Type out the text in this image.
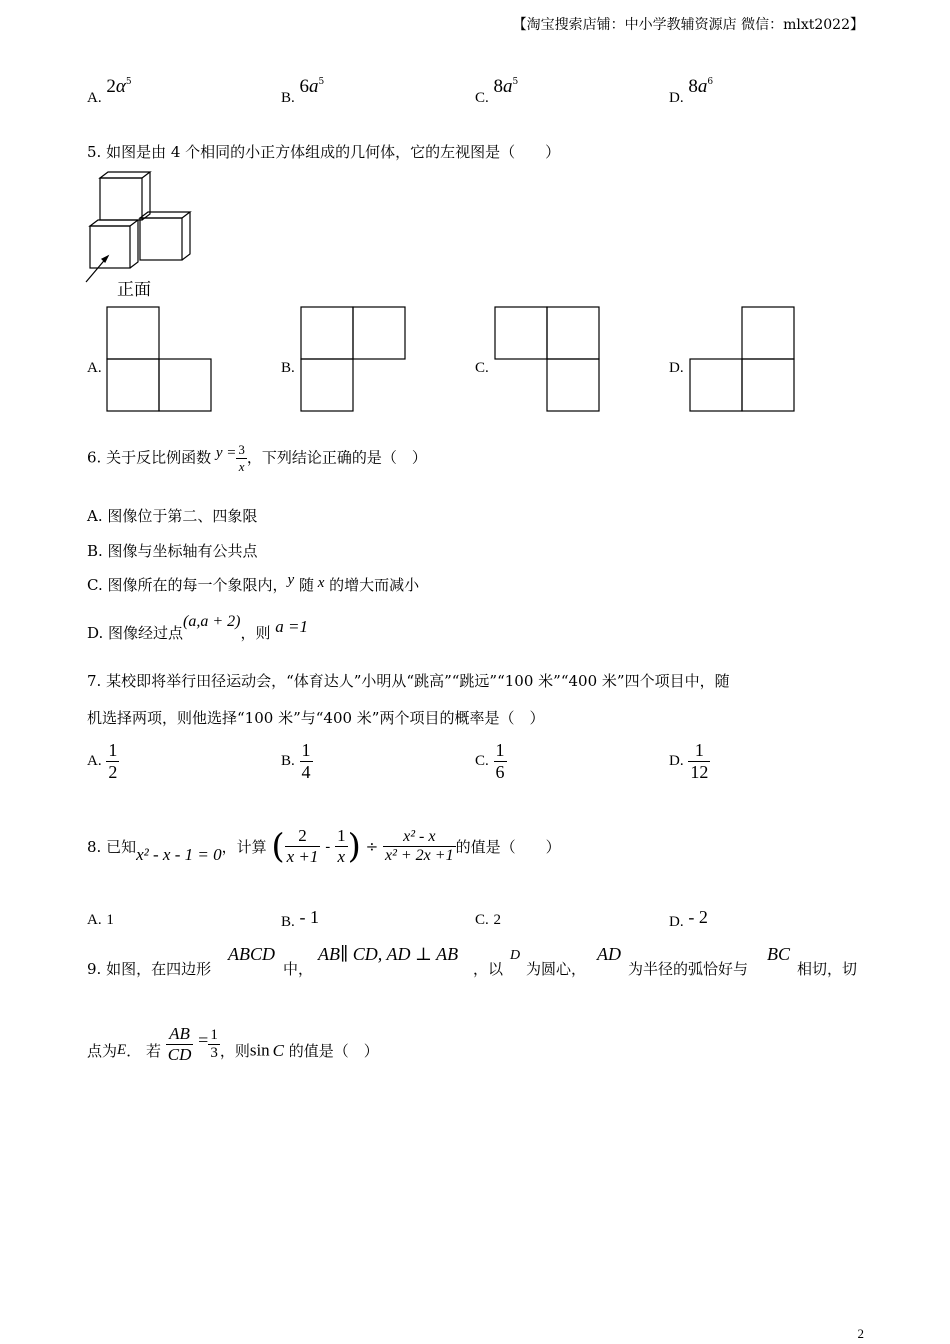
【淘宝搜索店铺：中小学教辅资源店 微信：mlxt2022】
A. $2\alpha^5$
B. $6a^5$
C. $8a^5$
D. $8a^6$
5. 如图是由 4 个相同的小正方体组成的几何体，它的左视图是（　　）
正面
A.	B.	C.	D.
6. 关于反比例函数 $y = \frac{3}{x}$ ，下列结论正确的是（　）
A. 图像位于第二、四象限
B. 图像与坐标轴有公共点
C. 图像所在的每一个象限内，y 随 x 的增大而减小
D. 图像经过点(a,a + 2)，则 a =1
7. 某校即将举行田径运动会，“体育达人”小明从“跳高”“跳远”“100 米”“400 米”四个项目中，随
机选择两项，则他选择“100 米”与“400 米”两个项目的概率是（　）
A. $\frac{1}{2}$	B. $\frac{1}{4}$	C. $\frac{1}{6}$	D. $\frac{1}{12}$
8. 已知x² - x - 1 = 0，计算 ( $\frac{2}{x +1} - \frac{1}{x}$ ) ÷ $\frac{\text{x² - x}}{\text{x² + 2x +1}}$ 的值是（　　）
A. 1	B. - 1	C. 2	D. - 2
9. 如图，在四边形
ABCD
中，
AB∥ CD, AD ⊥ AB
，以
D
为圆心，
AD
为半径的弧恰好与
BC
相切，切
点为E． 若 $\frac{AB}{CD} = \frac{1}{3}$ ，则sin C 的值是（　）
2
